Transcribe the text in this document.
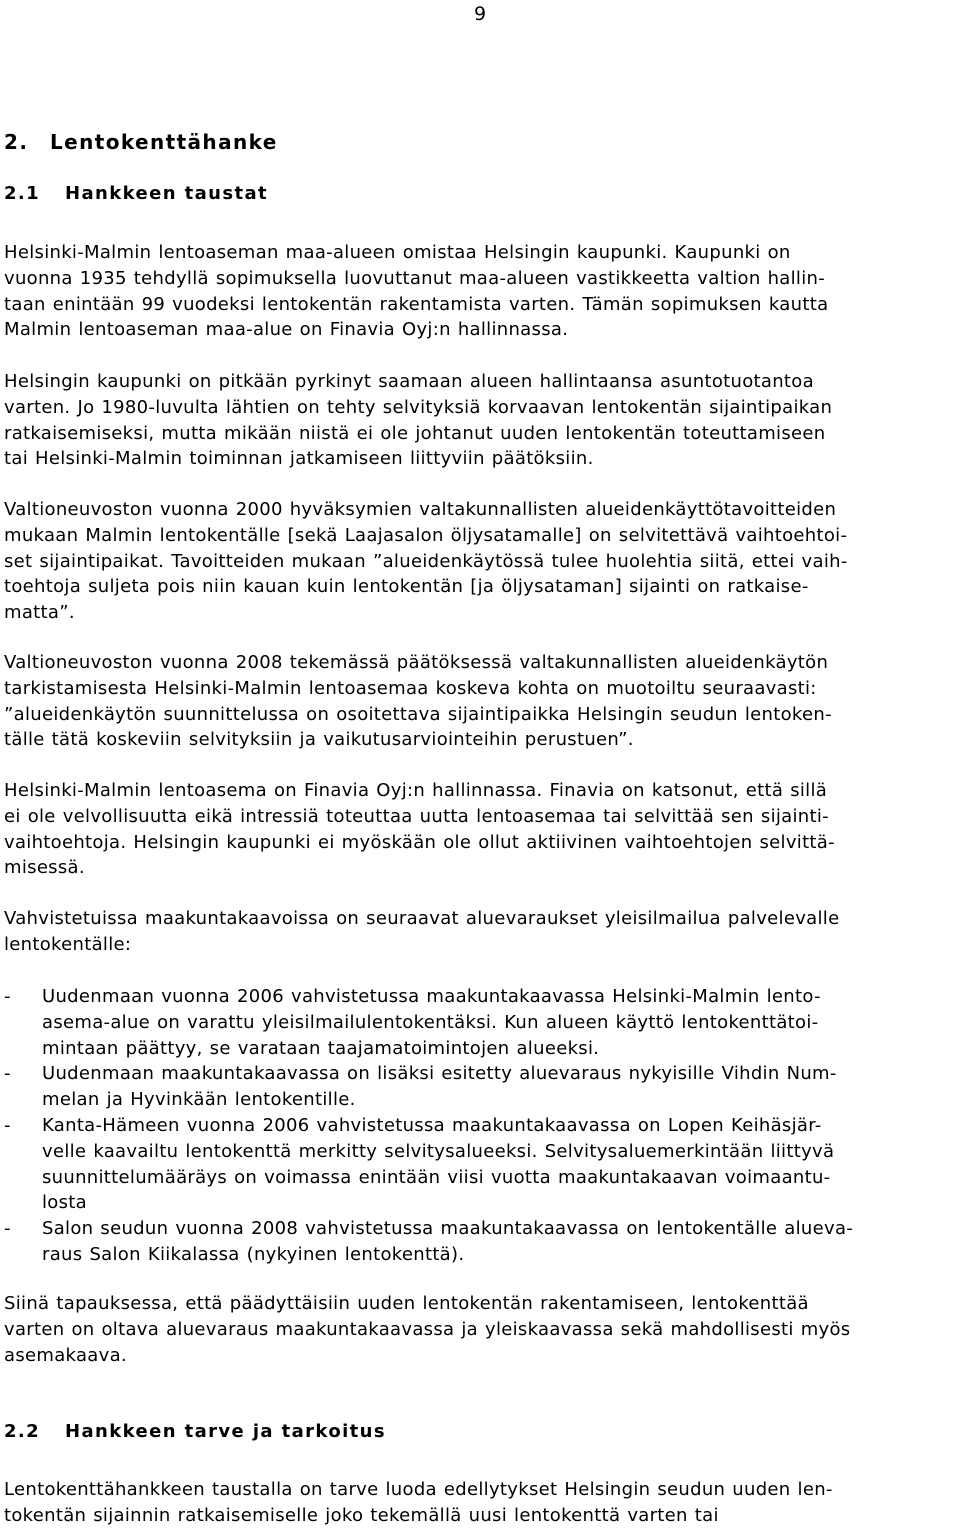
9
2. Lentokenttähanke
2.1 Hankkeen taustat
Helsinki-Malmin lentoaseman maa-alueen omistaa Helsingin kaupunki. Kaupunki on
vuonna 1935 tehdyllä sopimuksella luovuttanut maa-alueen vastikkeetta valtion hallin-
taan enintään 99 vuodeksi lentokentän rakentamista varten. Tämän sopimuksen kautta
Malmin lentoaseman maa-alue on Finavia Oyj:n hallinnassa.
Helsingin kaupunki on pitkään pyrkinyt saamaan alueen hallintaansa asuntotuotantoa
varten. Jo 1980-luvulta lähtien on tehty selvityksiä korvaavan lentokentän sijaintipaikan
ratkaisemiseksi, mutta mikään niistä ei ole johtanut uuden lentokentän toteuttamiseen
tai Helsinki-Malmin toiminnan jatkamiseen liittyviin päätöksiin.
Valtioneuvoston vuonna 2000 hyväksymien valtakunnallisten alueidenkäyttötavoitteiden
mukaan Malmin lentokentälle [sekä Laajasalon öljysatamalle] on selvitettävä vaihtoehtoi-
set sijaintipaikat. Tavoitteiden mukaan ”alueidenkäytössä tulee huolehtia siitä, ettei vaih-
toehtoja suljeta pois niin kauan kuin lentokentän [ja öljysataman] sijainti on ratkaise-
matta”.
Valtioneuvoston vuonna 2008 tekemässä päätöksessä valtakunnallisten alueidenkäytön
tarkistamisesta Helsinki-Malmin lentoasemaa koskeva kohta on muotoiltu seuraavasti:
”alueidenkäytön suunnittelussa on osoitettava sijaintipaikka Helsingin seudun lentoken-
tälle tätä koskeviin selvityksiin ja vaikutusarviointeihin perustuen”.
Helsinki-Malmin lentoasema on Finavia Oyj:n hallinnassa. Finavia on katsonut, että sillä
ei ole velvollisuutta eikä intressiä toteuttaa uutta lentoasemaa tai selvittää sen sijainti-
vaihtoehtoja. Helsingin kaupunki ei myöskään ole ollut aktiivinen vaihtoehtojen selvittä-
misessä.
Vahvistetuissa maakuntakaavoissa on seuraavat aluevaraukset yleisilmailua palvelevalle
lentokentälle:
- Uudenmaan vuonna 2006 vahvistetussa maakuntakaavassa Helsinki-Malmin lento-
asema-alue on varattu yleisilmailulentokentäksi. Kun alueen käyttö lentokenttätoi-
mintaan päättyy, se varataan taajamatoimintojen alueeksi.
- Uudenmaan maakuntakaavassa on lisäksi esitetty aluevaraus nykyisille Vihdin Num-
melan ja Hyvinkään lentokentille.
- Kanta-Hämeen vuonna 2006 vahvistetussa maakuntakaavassa on Lopen Keihäsjär-
velle kaavailtu lentokenttä merkitty selvitysalueeksi. Selvitysaluemerkintään liittyvä
suunnittelumääräys on voimassa enintään viisi vuotta maakuntakaavan voimaantu-
losta
- Salon seudun vuonna 2008 vahvistetussa maakuntakaavassa on lentokentälle alueva-
raus Salon Kiikalassa (nykyinen lentokenttä).
Siinä tapauksessa, että päädyttäisiin uuden lentokentän rakentamiseen, lentokenttää
varten on oltava aluevaraus maakuntakaavassa ja yleiskaavassa sekä mahdollisesti myös
asemakaava.
2.2 Hankkeen tarve ja tarkoitus
Lentokenttähankkeen taustalla on tarve luoda edellytykset Helsingin seudun uuden len-
tokentän sijainnin ratkaisemiselle joko tekemällä uusi lentokenttä varten tai
